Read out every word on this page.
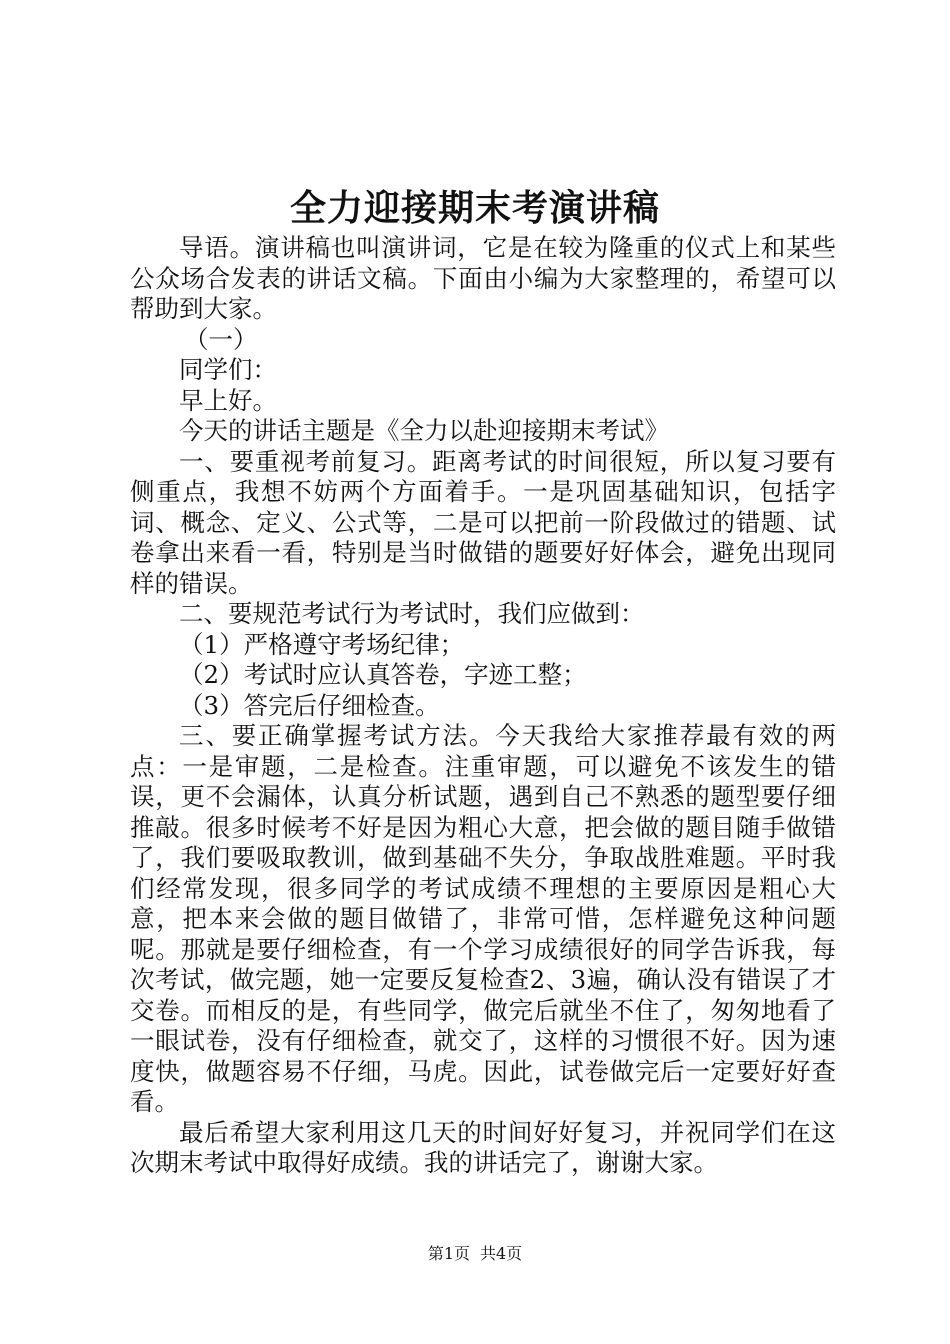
全力迎接期末考演讲稿

导语。演讲稿也叫演讲词，它是在较为隆重的仪式上和某些公众场合发表的讲话文稿。下面由小编为大家整理的，希望可以帮助到大家。

（一）

同学们：

早上好。

今天的讲话主题是《全力以赴迎接期末考试》

一、要重视考前复习。距离考试的时间很短，所以复习要有侧重点，我想不妨两个方面着手。一是巩固基础知识，包括字词、概念、定义、公式等，二是可以把前一阶段做过的错题、试卷拿出来看一看，特别是当时做错的题要好好体会，避免出现同样的错误。

二、要规范考试行为考试时，我们应做到：

（1）严格遵守考场纪律；

（2）考试时应认真答卷，字迹工整；

（3）答完后仔细检查。

三、要正确掌握考试方法。今天我给大家推荐最有效的两点：一是审题，二是检查。注重审题，可以避免不该发生的错误，更不会漏体，认真分析试题，遇到自己不熟悉的题型要仔细推敲。很多时候考不好是因为粗心大意，把会做的题目随手做错了，我们要吸取教训，做到基础不失分，争取战胜难题。平时我们经常发现，很多同学的考试成绩不理想的主要原因是粗心大意，把本来会做的题目做错了，非常可惜，怎样避免这种问题呢。那就是要仔细检查，有一个学习成绩很好的同学告诉我，每次考试，做完题，她一定要反复检查2、3遍，确认没有错误了才交卷。而相反的是，有些同学，做完后就坐不住了，匆匆地看了一眼试卷，没有仔细检查，就交了，这样的习惯很不好。因为速度快，做题容易不仔细，马虎。因此，试卷做完后一定要好好查看。

最后希望大家利用这几天的时间好好复习，并祝同学们在这次期末考试中取得好成绩。我的讲话完了，谢谢大家。

第1页 共4页
